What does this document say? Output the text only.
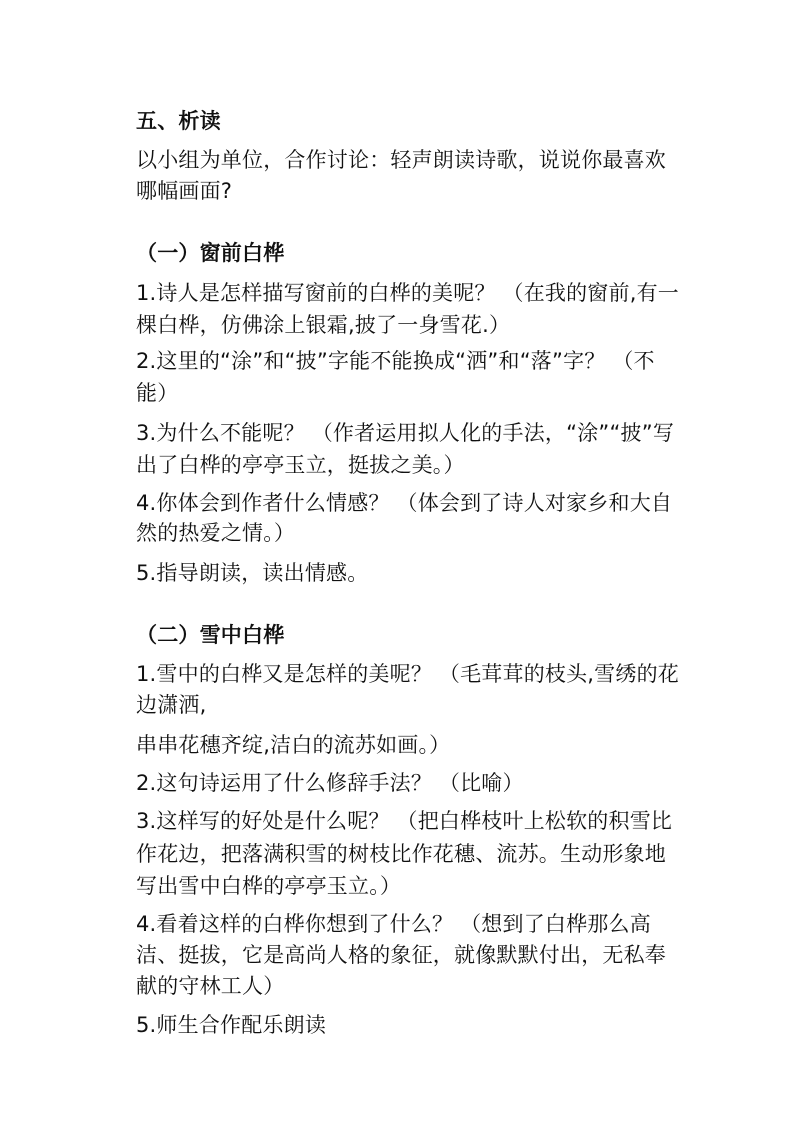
五、析读
以小组为单位，合作讨论：轻声朗读诗歌，说说你最喜欢
哪幅画面?
（一）窗前白桦
1.诗人是怎样描写窗前的白桦的美呢？ （在我的窗前,有一
棵白桦，仿佛涂上银霜,披了一身雪花.）
2.这里的“涂”和“披”字能不能换成“洒”和“落”字？ （不
能）
3.为什么不能呢？ （作者运用拟人化的手法，“涂”“披”写
出了白桦的亭亭玉立，挺拔之美。）
4.你体会到作者什么情感？ （体会到了诗人对家乡和大自
然的热爱之情。）
5.指导朗读，读出情感。
（二）雪中白桦
1.雪中的白桦又是怎样的美呢？ （毛茸茸的枝头,雪绣的花
边潇洒,
串串花穗齐绽,洁白的流苏如画。）
2.这句诗运用了什么修辞手法？ （比喻）
3.这样写的好处是什么呢？ （把白桦枝叶上松软的积雪比
作花边，把落满积雪的树枝比作花穗、流苏。生动形象地
写出雪中白桦的亭亭玉立。）
4.看着这样的白桦你想到了什么？ （想到了白桦那么高
洁、挺拔，它是高尚人格的象征，就像默默付出，无私奉
献的守林工人）
5.师生合作配乐朗读
